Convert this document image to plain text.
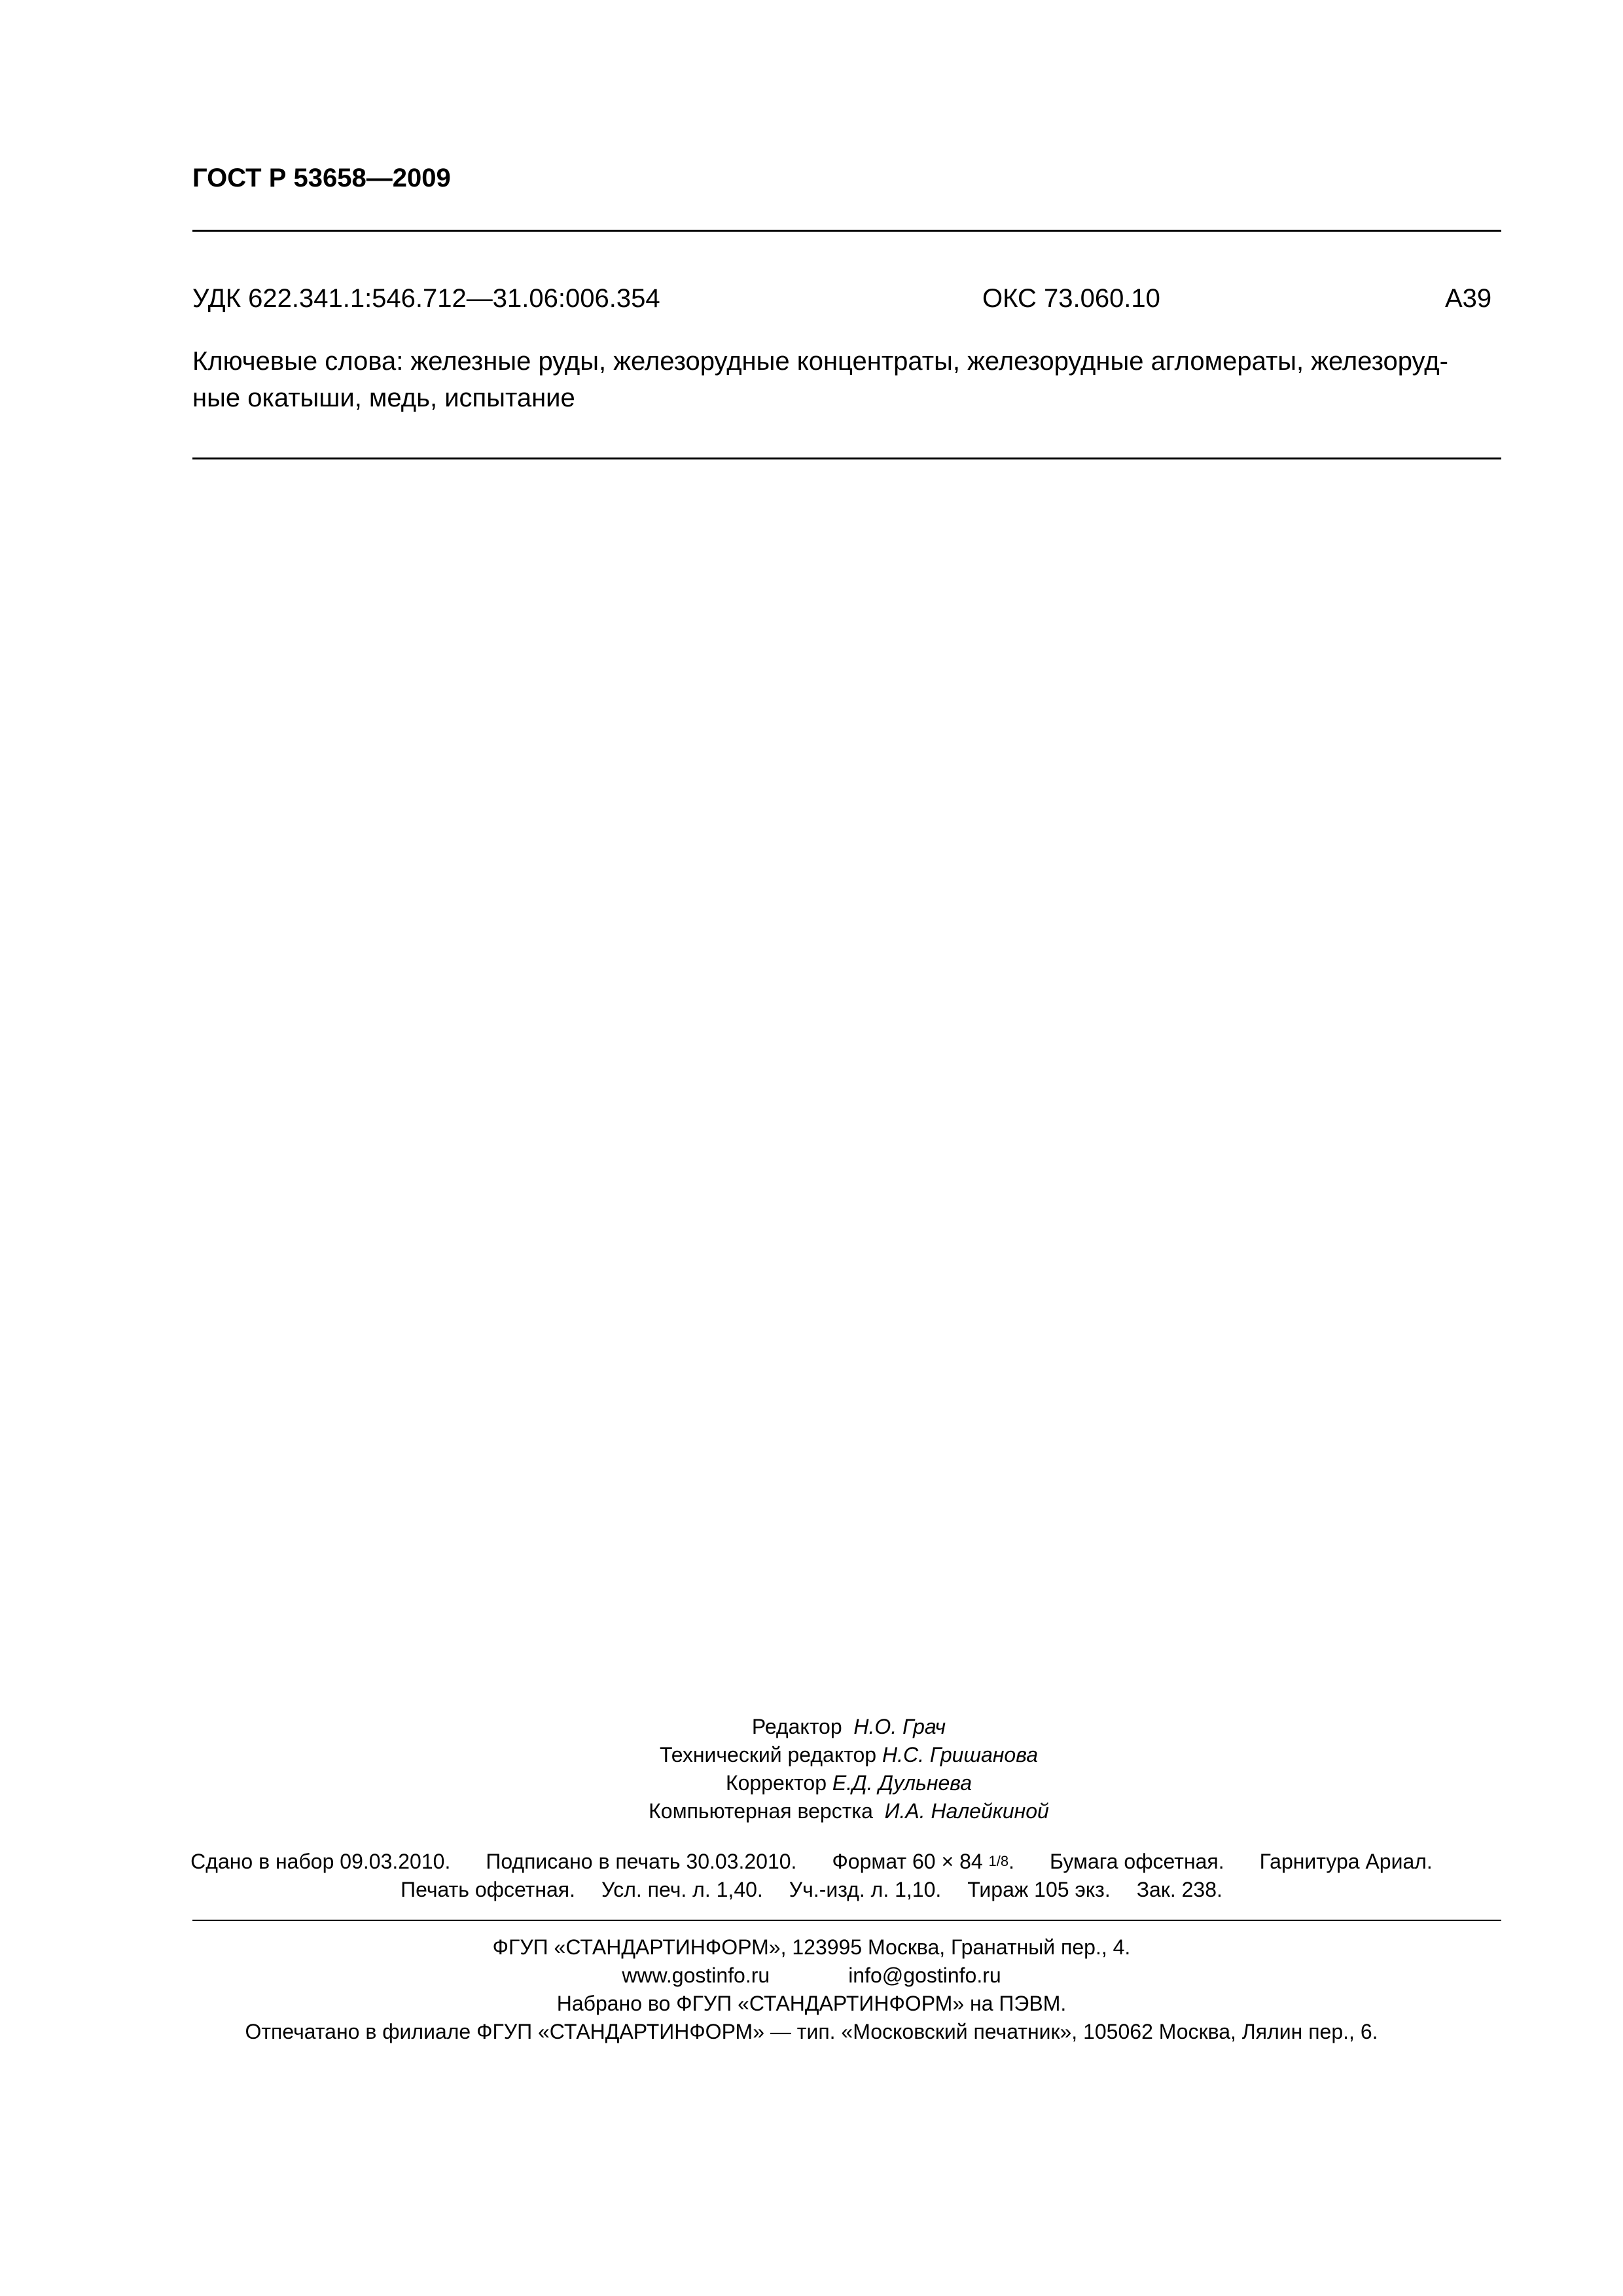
ГОСТ Р 53658—2009
УДК 622.341.1:546.712—31.06:006.354	ОКС 73.060.10	А39
Ключевые слова: железные руды, железорудные концентраты, железорудные агломераты, железоруд-
ные окатыши, медь, испытание
Редактор Н.О. Грач
Технический редактор Н.С. Гришанова
Корректор Е.Д. Дульнева
Компьютерная верстка И.А. Налейкиной
Сдано в набор 09.03.2010. Подписано в печать 30.03.2010. Формат 60 × 84 1/8. Бумага офсетная. Гарнитура Ариал.
Печать офсетная. Усл. печ. л. 1,40. Уч.-изд. л. 1,10. Тираж 105 экз. Зак. 238.
ФГУП «СТАНДАРТИНФОРМ», 123995 Москва, Гранатный пер., 4.
www.gostinfo.ru	info@gostinfo.ru
Набрано во ФГУП «СТАНДАРТИНФОРМ» на ПЭВМ.
Отпечатано в филиале ФГУП «СТАНДАРТИНФОРМ» — тип. «Московский печатник», 105062 Москва, Лялин пер., 6.
